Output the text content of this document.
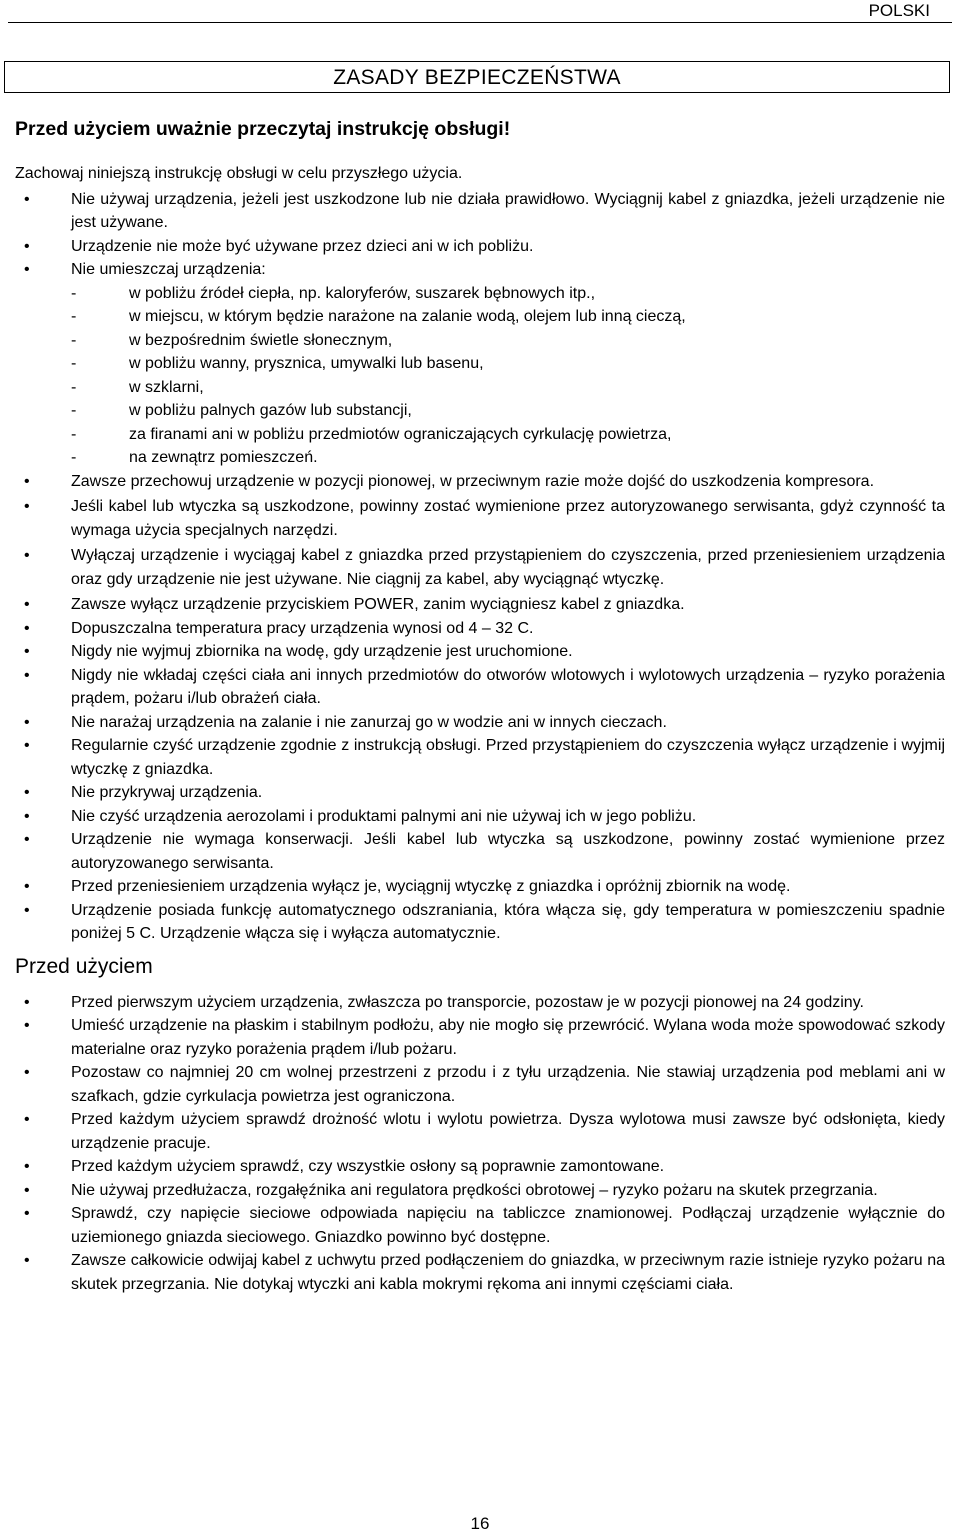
POLSKI
ZASADY BEZPIECZEŃSTWA
Przed użyciem uważnie przeczytaj instrukcję obsługi!
Zachowaj niniejszą instrukcję obsługi w celu przyszłego użycia.
• Nie używaj urządzenia, jeżeli jest uszkodzone lub nie działa prawidłowo. Wyciągnij kabel z gniazdka, jeżeli urządzenie nie jest używane.
• Urządzenie nie może być używane przez dzieci ani w ich pobliżu.
• Nie umieszczaj urządzenia:
- w pobliżu źródeł ciepła, np. kaloryferów, suszarek bębnowych itp.,
- w miejscu, w którym będzie narażone na zalanie wodą, olejem lub inną cieczą,
- w bezpośrednim świetle słonecznym,
- w pobliżu wanny, prysznica, umywalki lub basenu,
- w szklarni,
- w pobliżu palnych gazów lub substancji,
- za firanami ani w pobliżu przedmiotów ograniczających cyrkulację powietrza,
- na zewnątrz pomieszczeń.
• Zawsze przechowuj urządzenie w pozycji pionowej, w przeciwnym razie może dojść do uszkodzenia kompresora.
• Jeśli kabel lub wtyczka są uszkodzone, powinny zostać wymienione przez autoryzowanego serwisanta, gdyż czynność ta wymaga użycia specjalnych narzędzi.
• Wyłączaj urządzenie i wyciągaj kabel z gniazdka przed przystąpieniem do czyszczenia, przed przeniesieniem urządzenia oraz gdy urządzenie nie jest używane. Nie ciągnij za kabel, aby wyciągnąć wtyczkę.
• Zawsze wyłącz urządzenie przyciskiem POWER, zanim wyciągniesz kabel z gniazdka.
• Dopuszczalna temperatura pracy urządzenia wynosi od 4 – 32 C.
• Nigdy nie wyjmuj zbiornika na wodę, gdy urządzenie jest uruchomione.
• Nigdy nie wkładaj części ciała ani innych przedmiotów do otworów wlotowych i wylotowych urządzenia – ryzyko porażenia prądem, pożaru i/lub obrażeń ciała.
• Nie narażaj urządzenia na zalanie i nie zanurzaj go w wodzie ani w innych cieczach.
• Regularnie czyść urządzenie zgodnie z instrukcją obsługi. Przed przystąpieniem do czyszczenia wyłącz urządzenie i wyjmij wtyczkę z gniazdka.
• Nie przykrywaj urządzenia.
• Nie czyść urządzenia aerozolami i produktami palnymi ani nie używaj ich w jego pobliżu.
• Urządzenie nie wymaga konserwacji. Jeśli kabel lub wtyczka są uszkodzone, powinny zostać wymienione przez autoryzowanego serwisanta.
• Przed przeniesieniem urządzenia wyłącz je, wyciągnij wtyczkę z gniazdka i opróżnij zbiornik na wodę.
• Urządzenie posiada funkcję automatycznego odszraniania, która włącza się, gdy temperatura w pomieszczeniu spadnie poniżej 5 C. Urządzenie włącza się i wyłącza automatycznie.
Przed użyciem
• Przed pierwszym użyciem urządzenia, zwłaszcza po transporcie, pozostaw je w pozycji pionowej na 24 godziny.
• Umieść urządzenie na płaskim i stabilnym podłożu, aby nie mogło się przewrócić. Wylana woda może spowodować szkody materialne oraz ryzyko porażenia prądem i/lub pożaru.
• Pozostaw co najmniej 20 cm wolnej przestrzeni z przodu i z tyłu urządzenia. Nie stawiaj urządzenia pod meblami ani w szafkach, gdzie cyrkulacja powietrza jest ograniczona.
• Przed każdym użyciem sprawdź drożność wlotu i wylotu powietrza. Dysza wylotowa musi zawsze być odsłonięta, kiedy urządzenie pracuje.
• Przed każdym użyciem sprawdź, czy wszystkie osłony są poprawnie zamontowane.
• Nie używaj przedłużacza, rozgałęźnika ani regulatora prędkości obrotowej – ryzyko pożaru na skutek przegrzania.
• Sprawdź, czy napięcie sieciowe odpowiada napięciu na tabliczce znamionowej. Podłączaj urządzenie wyłącznie do uziemionego gniazda sieciowego. Gniazdko powinno być dostępne.
• Zawsze całkowicie odwijaj kabel z uchwytu przed podłączeniem do gniazdka, w przeciwnym razie istnieje ryzyko pożaru na skutek przegrzania. Nie dotykaj wtyczki ani kabla mokrymi rękoma ani innymi częściami ciała.
16
